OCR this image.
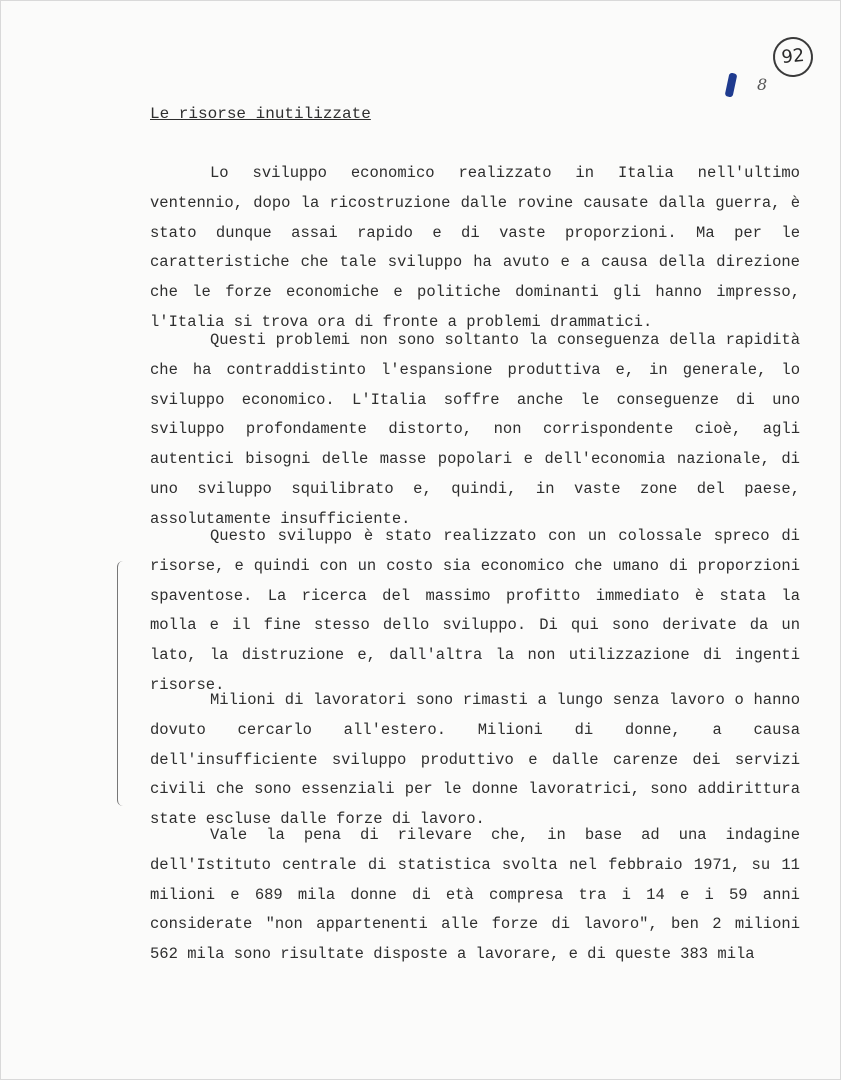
92
8
Le risorse inutilizzate

Lo sviluppo economico realizzato in Italia nell'ultimo ventennio, dopo la ricostruzione dalle rovine causate dalla guerra, è stato dunque assai rapido e di vaste proporzioni. Ma per le caratteristiche che tale sviluppo ha avuto e a causa della direzione che le forze economiche e politiche dominanti gli hanno impresso, l'Italia si trova ora di fronte a problemi drammatici.

Questi problemi non sono soltanto la conseguenza della rapidità che ha contraddistinto l'espansione produttiva e, in generale, lo sviluppo economico. L'Italia soffre anche le conseguenze di uno sviluppo profondamente distorto, non corrispondente cioè, agli autentici bisogni delle masse popolari e dell'economia nazionale, di uno sviluppo squilibrato e, quindi, in vaste zone del paese, assolutamente insufficiente.

Questo sviluppo è stato realizzato con un colossale spreco di risorse, e quindi con un costo sia economico che umano di proporzioni spaventose. La ricerca del massimo profitto immediato è stata la molla e il fine stesso dello sviluppo. Di qui sono derivate da un lato, la distruzione e, dall'altra la non utilizzazione di ingenti risorse.

Milioni di lavoratori sono rimasti a lungo senza lavoro o hanno dovuto cercarlo all'estero. Milioni di donne, a causa dell'insufficiente sviluppo produttivo e dalle carenze dei servizi civili che sono essenziali per le donne lavoratrici, sono addirittura state escluse dalle forze di lavoro.

Vale la pena di rilevare che, in base ad una indagine dell'Istituto centrale di statistica svolta nel febbraio 1971, su 11 milioni e 689 mila donne di età compresa tra i 14 e i 59 anni considerate "non appartenenti alle forze di lavoro", ben 2 milioni 562 mila sono risultate disposte a lavorare, e di queste 383 mila
